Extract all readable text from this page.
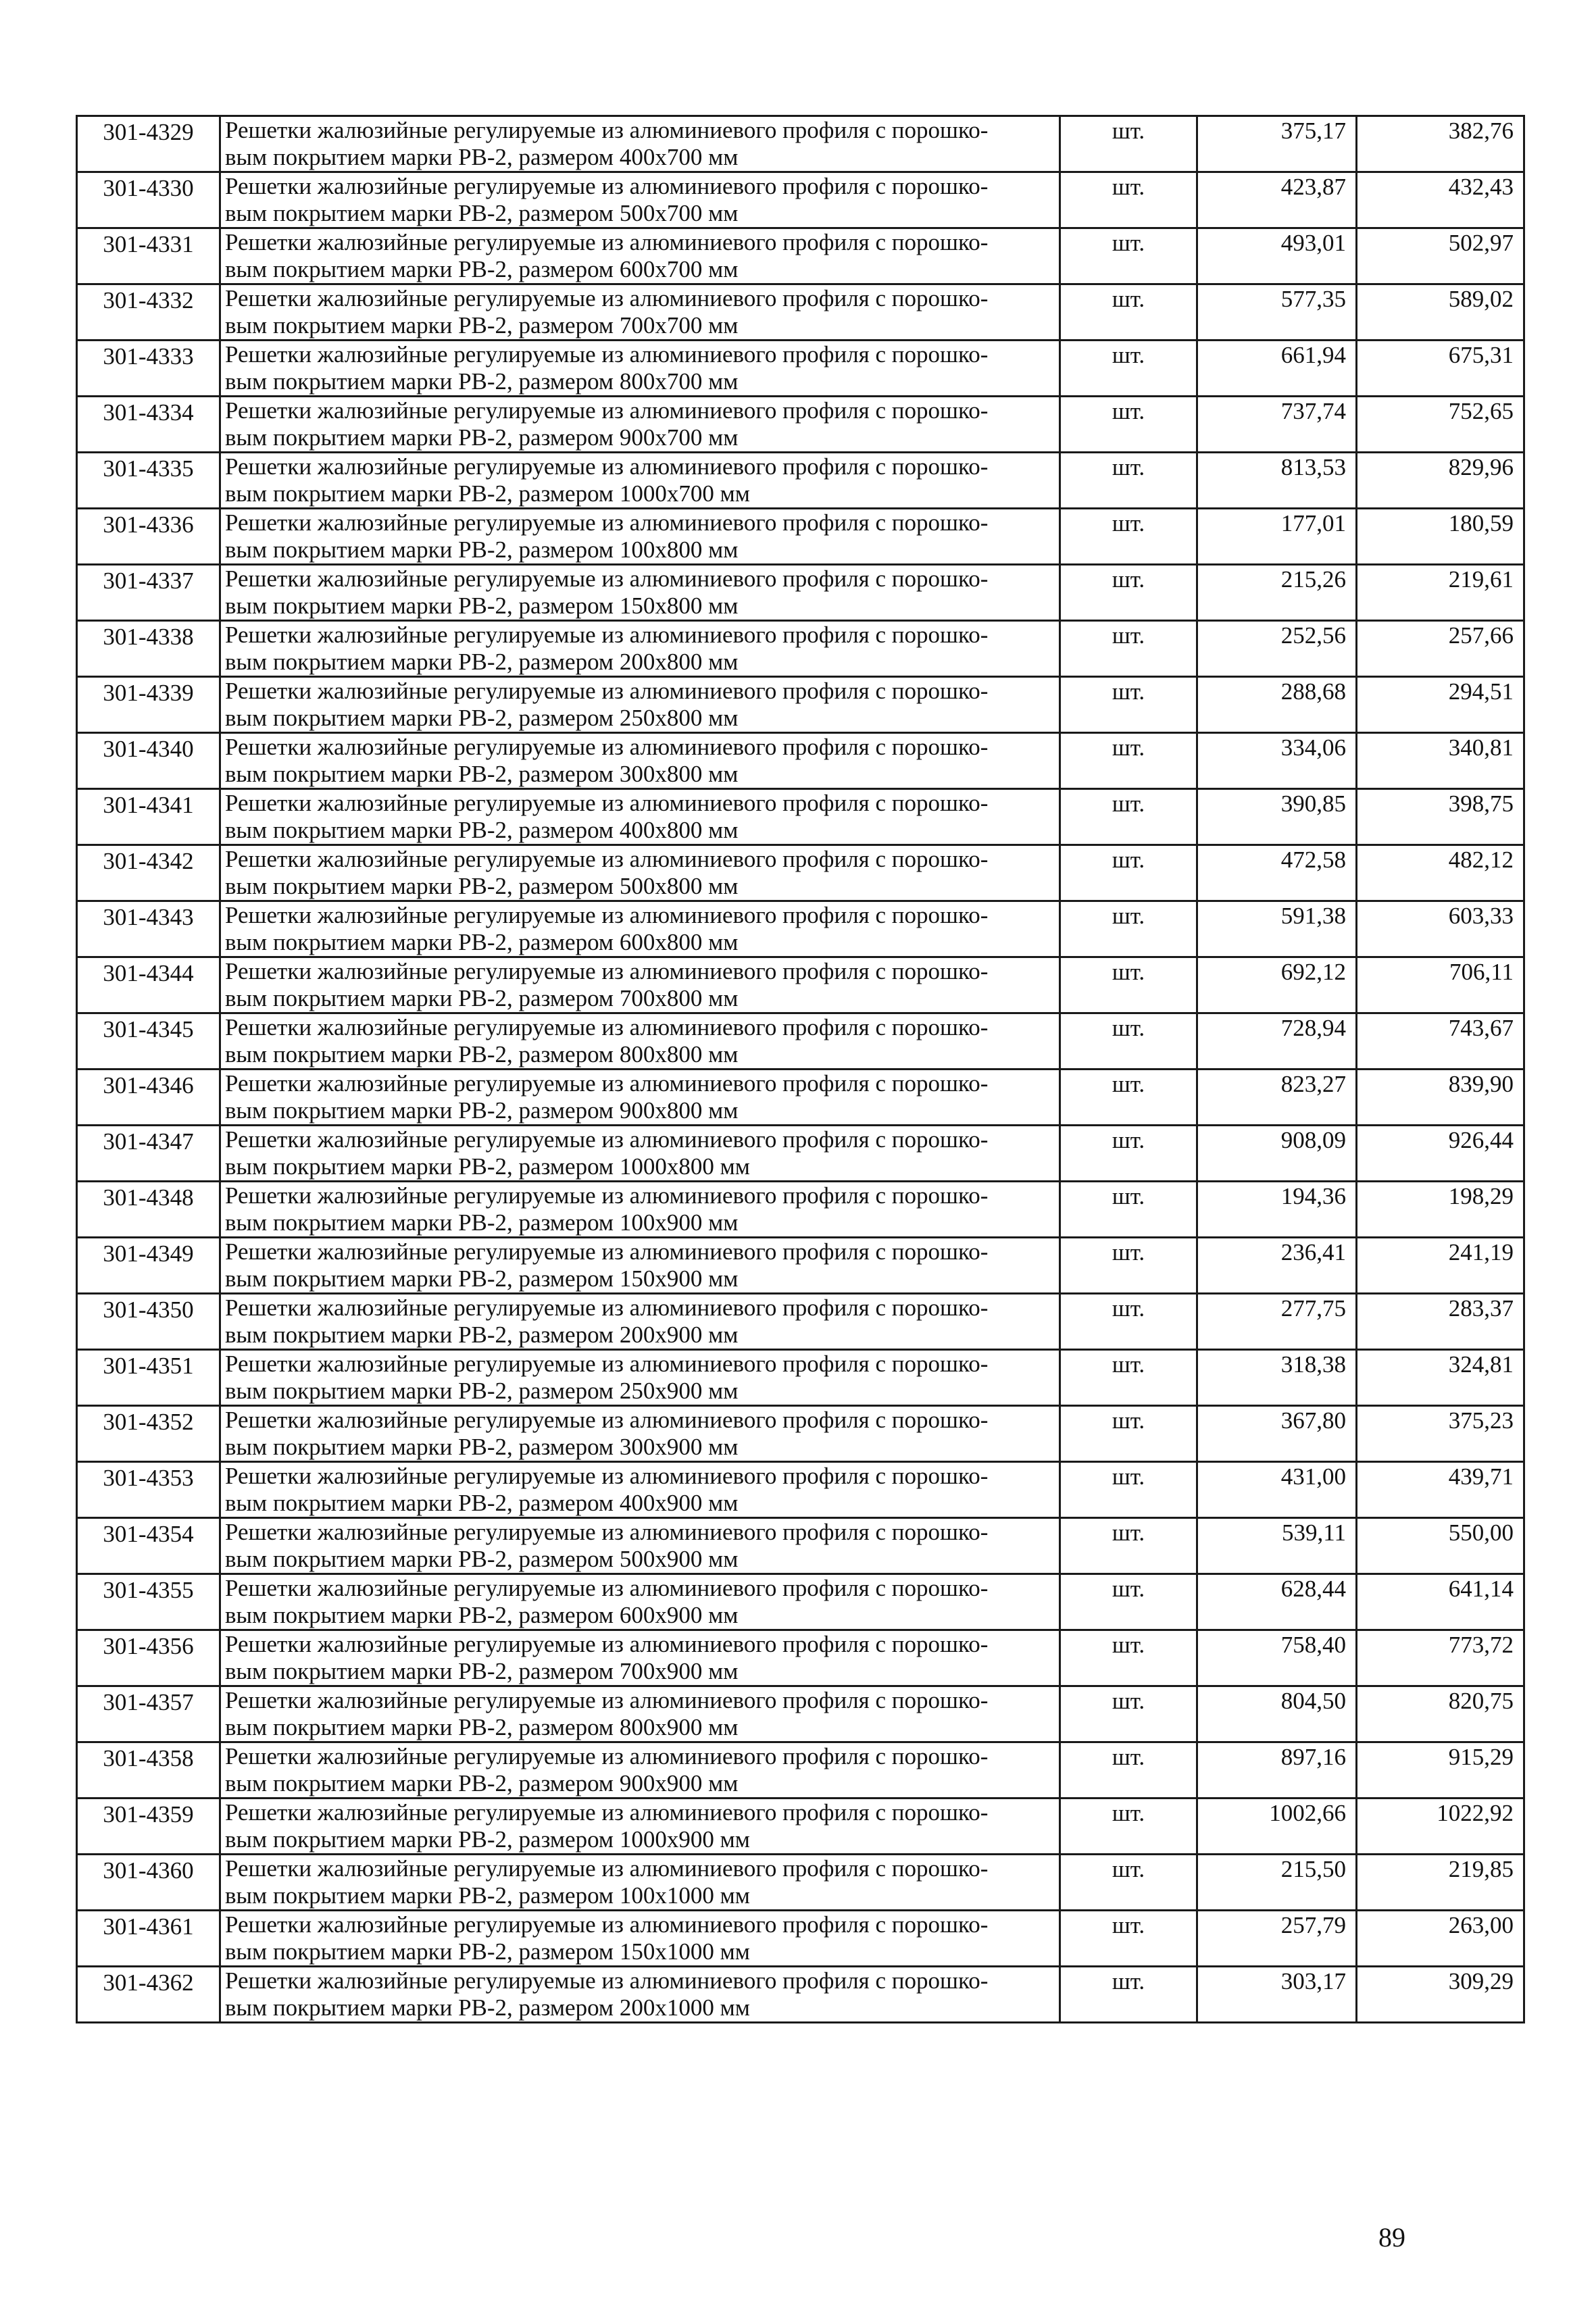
301-4329	Решетки жалюзийные регулируемые из алюминиевого профиля с порошко-
вым покрытием марки РВ-2, размером 400х700 мм	шт.	375,17	382,76
301-4330	Решетки жалюзийные регулируемые из алюминиевого профиля с порошко-
вым покрытием марки РВ-2, размером 500х700 мм	шт.	423,87	432,43
301-4331	Решетки жалюзийные регулируемые из алюминиевого профиля с порошко-
вым покрытием марки РВ-2, размером 600х700 мм	шт.	493,01	502,97
301-4332	Решетки жалюзийные регулируемые из алюминиевого профиля с порошко-
вым покрытием марки РВ-2, размером 700х700 мм	шт.	577,35	589,02
301-4333	Решетки жалюзийные регулируемые из алюминиевого профиля с порошко-
вым покрытием марки РВ-2, размером 800х700 мм	шт.	661,94	675,31
301-4334	Решетки жалюзийные регулируемые из алюминиевого профиля с порошко-
вым покрытием марки РВ-2, размером 900х700 мм	шт.	737,74	752,65
301-4335	Решетки жалюзийные регулируемые из алюминиевого профиля с порошко-
вым покрытием марки РВ-2, размером 1000х700 мм	шт.	813,53	829,96
301-4336	Решетки жалюзийные регулируемые из алюминиевого профиля с порошко-
вым покрытием марки РВ-2, размером 100х800 мм	шт.	177,01	180,59
301-4337	Решетки жалюзийные регулируемые из алюминиевого профиля с порошко-
вым покрытием марки РВ-2, размером 150х800 мм	шт.	215,26	219,61
301-4338	Решетки жалюзийные регулируемые из алюминиевого профиля с порошко-
вым покрытием марки РВ-2, размером 200х800 мм	шт.	252,56	257,66
301-4339	Решетки жалюзийные регулируемые из алюминиевого профиля с порошко-
вым покрытием марки РВ-2, размером 250х800 мм	шт.	288,68	294,51
301-4340	Решетки жалюзийные регулируемые из алюминиевого профиля с порошко-
вым покрытием марки РВ-2, размером 300х800 мм	шт.	334,06	340,81
301-4341	Решетки жалюзийные регулируемые из алюминиевого профиля с порошко-
вым покрытием марки РВ-2, размером 400х800 мм	шт.	390,85	398,75
301-4342	Решетки жалюзийные регулируемые из алюминиевого профиля с порошко-
вым покрытием марки РВ-2, размером 500х800 мм	шт.	472,58	482,12
301-4343	Решетки жалюзийные регулируемые из алюминиевого профиля с порошко-
вым покрытием марки РВ-2, размером 600х800 мм	шт.	591,38	603,33
301-4344	Решетки жалюзийные регулируемые из алюминиевого профиля с порошко-
вым покрытием марки РВ-2, размером 700х800 мм	шт.	692,12	706,11
301-4345	Решетки жалюзийные регулируемые из алюминиевого профиля с порошко-
вым покрытием марки РВ-2, размером 800х800 мм	шт.	728,94	743,67
301-4346	Решетки жалюзийные регулируемые из алюминиевого профиля с порошко-
вым покрытием марки РВ-2, размером 900х800 мм	шт.	823,27	839,90
301-4347	Решетки жалюзийные регулируемые из алюминиевого профиля с порошко-
вым покрытием марки РВ-2, размером 1000х800 мм	шт.	908,09	926,44
301-4348	Решетки жалюзийные регулируемые из алюминиевого профиля с порошко-
вым покрытием марки РВ-2, размером 100х900 мм	шт.	194,36	198,29
301-4349	Решетки жалюзийные регулируемые из алюминиевого профиля с порошко-
вым покрытием марки РВ-2, размером 150х900 мм	шт.	236,41	241,19
301-4350	Решетки жалюзийные регулируемые из алюминиевого профиля с порошко-
вым покрытием марки РВ-2, размером 200х900 мм	шт.	277,75	283,37
301-4351	Решетки жалюзийные регулируемые из алюминиевого профиля с порошко-
вым покрытием марки РВ-2, размером 250х900 мм	шт.	318,38	324,81
301-4352	Решетки жалюзийные регулируемые из алюминиевого профиля с порошко-
вым покрытием марки РВ-2, размером 300х900 мм	шт.	367,80	375,23
301-4353	Решетки жалюзийные регулируемые из алюминиевого профиля с порошко-
вым покрытием марки РВ-2, размером 400х900 мм	шт.	431,00	439,71
301-4354	Решетки жалюзийные регулируемые из алюминиевого профиля с порошко-
вым покрытием марки РВ-2, размером 500х900 мм	шт.	539,11	550,00
301-4355	Решетки жалюзийные регулируемые из алюминиевого профиля с порошко-
вым покрытием марки РВ-2, размером 600х900 мм	шт.	628,44	641,14
301-4356	Решетки жалюзийные регулируемые из алюминиевого профиля с порошко-
вым покрытием марки РВ-2, размером 700х900 мм	шт.	758,40	773,72
301-4357	Решетки жалюзийные регулируемые из алюминиевого профиля с порошко-
вым покрытием марки РВ-2, размером 800х900 мм	шт.	804,50	820,75
301-4358	Решетки жалюзийные регулируемые из алюминиевого профиля с порошко-
вым покрытием марки РВ-2, размером 900х900 мм	шт.	897,16	915,29
301-4359	Решетки жалюзийные регулируемые из алюминиевого профиля с порошко-
вым покрытием марки РВ-2, размером 1000х900 мм	шт.	1002,66	1022,92
301-4360	Решетки жалюзийные регулируемые из алюминиевого профиля с порошко-
вым покрытием марки РВ-2, размером 100х1000 мм	шт.	215,50	219,85
301-4361	Решетки жалюзийные регулируемые из алюминиевого профиля с порошко-
вым покрытием марки РВ-2, размером 150х1000 мм	шт.	257,79	263,00
301-4362	Решетки жалюзийные регулируемые из алюминиевого профиля с порошко-
вым покрытием марки РВ-2, размером 200х1000 мм	шт.	303,17	309,29
89
